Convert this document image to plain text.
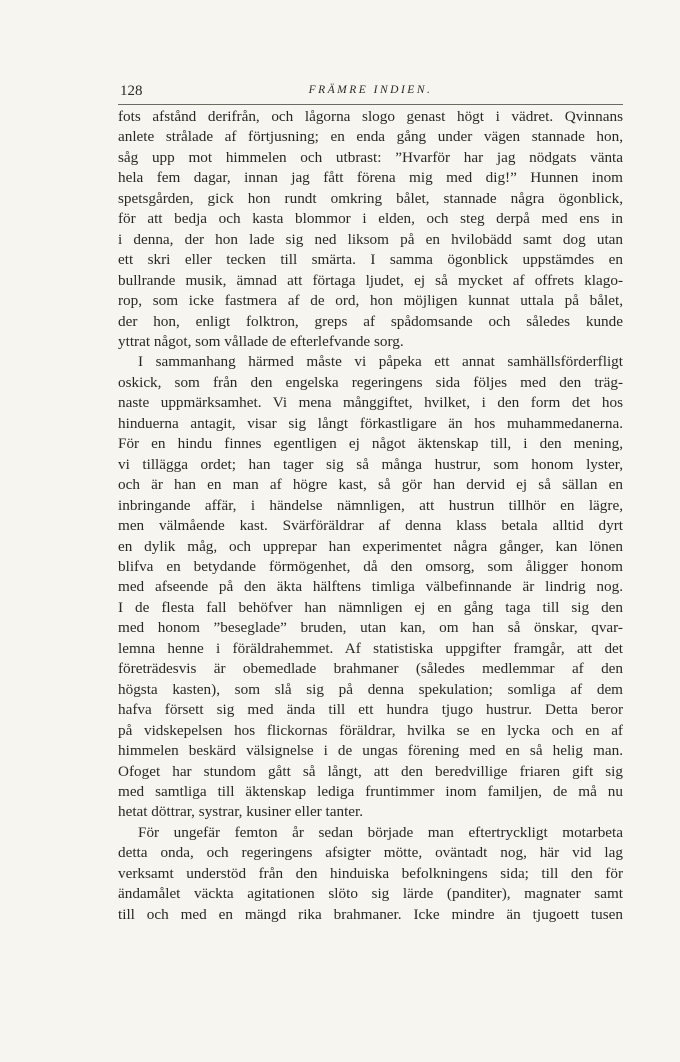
128	FRÄMRE INDIEN.

fots afstånd derifrån, och lågorna slogo genast högt i vädret. Qvinnans
anlete strålade af förtjusning; en enda gång under vägen stannade hon,
såg upp mot himmelen och utbrast: ”Hvarför har jag nödgats vänta
hela fem dagar, innan jag fått förena mig med dig!” Hunnen inom
spetsgården, gick hon rundt omkring bålet, stannade några ögonblick,
för att bedja och kasta blommor i elden, och steg derpå med ens in
i denna, der hon lade sig ned liksom på en hvilobädd samt dog utan
ett skri eller tecken till smärta. I samma ögonblick uppstämdes en
bullrande musik, ämnad att förtaga ljudet, ej så mycket af offrets klago-
rop, som icke fastmera af de ord, hon möjligen kunnat uttala på bålet,
der hon, enligt folktron, greps af spådomsande och således kunde
yttrat något, som vållade de efterlefvande sorg.

I sammanhang härmed måste vi påpeka ett annat samhällsförderfligt
oskick, som från den engelska regeringens sida följes med den träg-
naste uppmärksamhet. Vi mena månggiftet, hvilket, i den form det hos
hinduerna antagit, visar sig långt förkastligare än hos muhammedanerna.
För en hindu finnes egentligen ej något äktenskap till, i den mening,
vi tillägga ordet; han tager sig så många hustrur, som honom lyster,
och är han en man af högre kast, så gör han dervid ej så sällan en
inbringande affär, i händelse nämnligen, att hustrun tillhör en lägre,
men välmående kast. Svärföräldrar af denna klass betala alltid dyrt
en dylik måg, och upprepar han experimentet några gånger, kan lönen
blifva en betydande förmögenhet, då den omsorg, som åligger honom
med afseende på den äkta hälftens timliga välbefinnande är lindrig nog.
I de flesta fall behöfver han nämnligen ej en gång taga till sig den
med honom ”beseglade” bruden, utan kan, om han så önskar, qvar-
lemna henne i föräldrahemmet. Af statistiska uppgifter framgår, att det
företrädesvis är obemedlade brahmaner (således medlemmar af den
högsta kasten), som slå sig på denna spekulation; somliga af dem
hafva försett sig med ända till ett hundra tjugo hustrur. Detta beror
på vidskepelsen hos flickornas föräldrar, hvilka se en lycka och en af
himmelen beskärd välsignelse i de ungas förening med en så helig man.
Ofoget har stundom gått så långt, att den beredvillige friaren gift sig
med samtliga till äktenskap lediga fruntimmer inom familjen, de må nu
hetat döttrar, systrar, kusiner eller tanter.

För ungefär femton år sedan började man eftertryckligt motarbeta
detta onda, och regeringens afsigter mötte, oväntadt nog, här vid lag
verksamt understöd från den hinduiska befolkningens sida; till den för
ändamålet väckta agitationen slöto sig lärde (panditer), magnater samt
till och med en mängd rika brahmaner. Icke mindre än tjugoett tusen
